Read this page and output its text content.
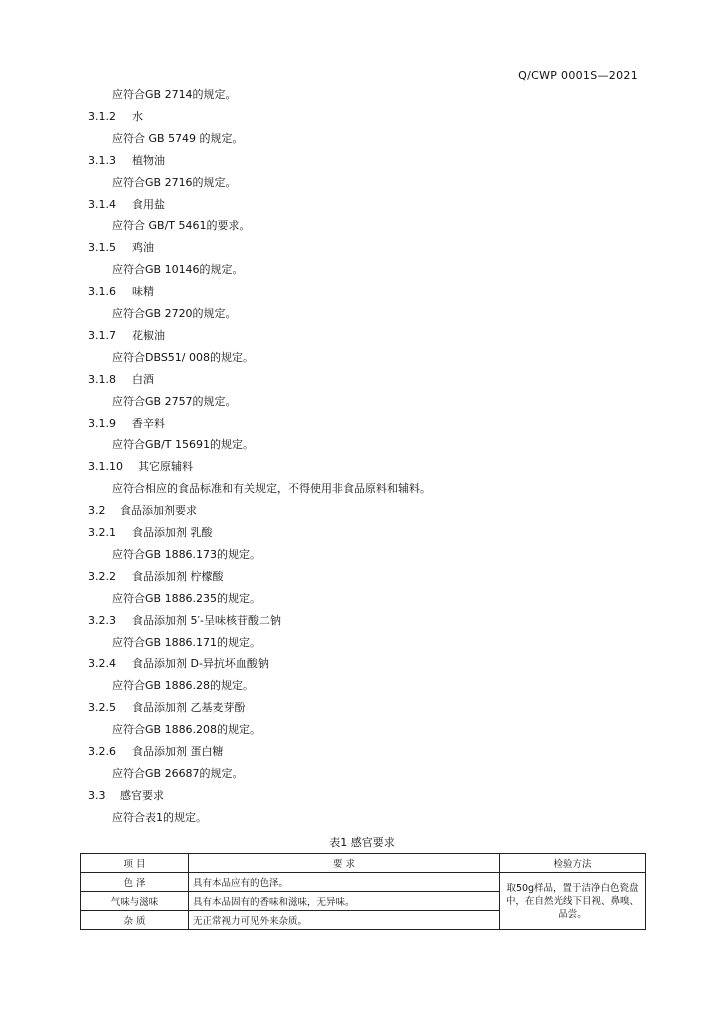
Q/CWP 0001S—2021
应符合GB 2714的规定。
3.1.2 水
应符合 GB 5749 的规定。
3.1.3 植物油
应符合GB 2716的规定。
3.1.4 食用盐
应符合 GB/T 5461的要求。
3.1.5 鸡油
应符合GB 10146的规定。
3.1.6 味精
应符合GB 2720的规定。
3.1.7 花椒油
应符合DBS51/ 008的规定。
3.1.8 白酒
应符合GB 2757的规定。
3.1.9 香辛料
应符合GB/T 15691的规定。
3.1.10 其它原辅料
应符合相应的食品标准和有关规定，不得使用非食品原料和辅料。
3.2 食品添加剂要求
3.2.1 食品添加剂 乳酸
应符合GB 1886.173的规定。
3.2.2 食品添加剂 柠檬酸
应符合GB 1886.235的规定。
3.2.3 食品添加剂 5′-呈味核苷酸二钠
应符合GB 1886.171的规定。
3.2.4 食品添加剂 D-异抗坏血酸钠
应符合GB 1886.28的规定。
3.2.5 食品添加剂 乙基麦芽酚
应符合GB 1886.208的规定。
3.2.6 食品添加剂 蛋白糖
应符合GB 26687的规定。
3.3 感官要求
应符合表1的规定。
表1 感官要求
项 目	要 求	检验方法
色 泽	具有本品应有的色泽。	取50g样品，置于洁净白色瓷盘中，在自然光线下目视、鼻嗅、品尝。
气味与滋味	具有本品固有的香味和滋味，无异味。	
杂 质	无正常视力可见外来杂质。	
